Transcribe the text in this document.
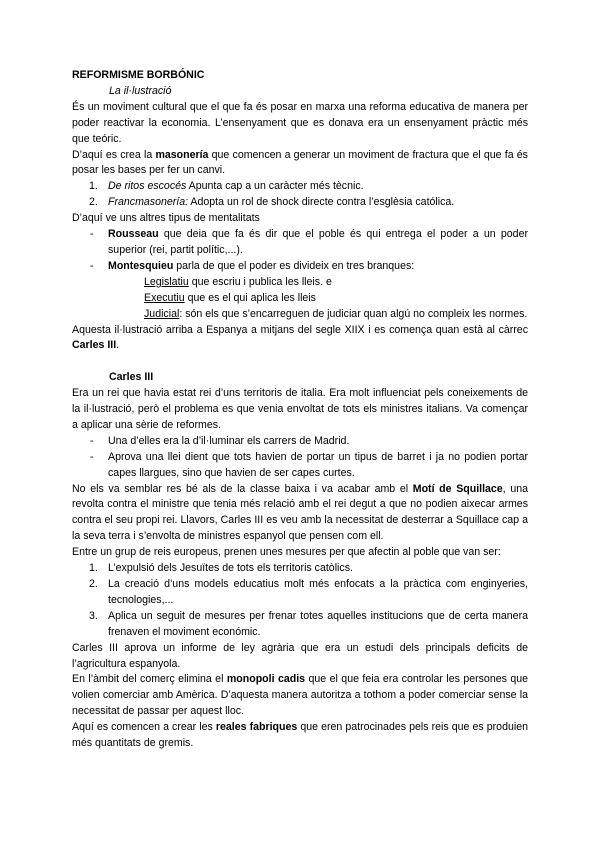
REFORMISME BORBÓNIC

La il·lustració

És un moviment cultural que el que fa és posar en marxa una reforma educativa de manera per poder reactivar la economia. L’ensenyament que es donava era un ensenyament pràctic més que teóric.

D’aquí es crea la masonería que comencen a generar un moviment de fractura que el que fa és posar les bases per fer un canvi.

1. De ritos escocés Apunta cap a un caràcter més tècnic.
2. Francmasonería: Adopta un rol de shock directe contra l’esglèsia católica.

D’aquí ve uns altres tipus de mentalitats

- Rousseau que deia que fa és dir que el poble és qui entrega el poder a un poder superior (rei, partit polític,...).
- Montesquieu parla de que el poder es divideix en tres branques:

Legislatiu que escriu i publica les lleis. e

Executiu que es el qui aplica les lleis

Judicial: són els que s’encarreguen de judiciar quan algú no compleix les normes.

Aquesta il·lustració arriba a Espanya a mitjans del segle XIIX i es comença quan està al càrrec Carles III.

Carles III

Era un rei que havia estat rei d’uns territoris de italia. Era molt influenciat pels coneixements de la il·lustració, però el problema es que venia envoltat de tots els ministres italians. Va començar a aplicar una sèrie de reformes.

- Una d’elles era la d’il·luminar els carrers de Madrid.
- Aprova una llei dient que tots havien de portar un tipus de barret i ja no podien portar capes llargues, sino que havien de ser capes curtes.

No els va semblar res bé als de la classe baixa i va acabar amb el Motí de Squillace, una revolta contra el ministre que tenia més relació amb el rei degut a que no podien aixecar armes contra el seu propi rei. Llavors, Carles III es veu amb la necessitat de desterrar a Squillace cap a la seva terra i s’envolta de ministres espanyol que pensen com ell.

Entre un grup de reis europeus, prenen unes mesures per que afectin al poble que van ser:

1. L’expulsió dels Jesuïtes de tots els territoris catòlics.
2. La creació d’uns models educatius molt més enfocats a la pràctica com enginyeries, tecnologies,...
3. Aplica un seguit de mesures per frenar totes aquelles institucions que de certa manera frenaven el moviment económic.

Carles III aprova un informe de ley agrària que era un estudi dels principals deficits de l’agricultura espanyola.

En l’àmbit del comerç elimina el monopoli cadis que el que feia era controlar les persones que volien comerciar amb Amèrica. D’aquesta manera autoritza a tothom a poder comerciar sense la necessitat de passar per aquest lloc.

Aquí es comencen a crear les reales fabriques que eren patrocinades pels reis que es produien més quantitats de gremis.
